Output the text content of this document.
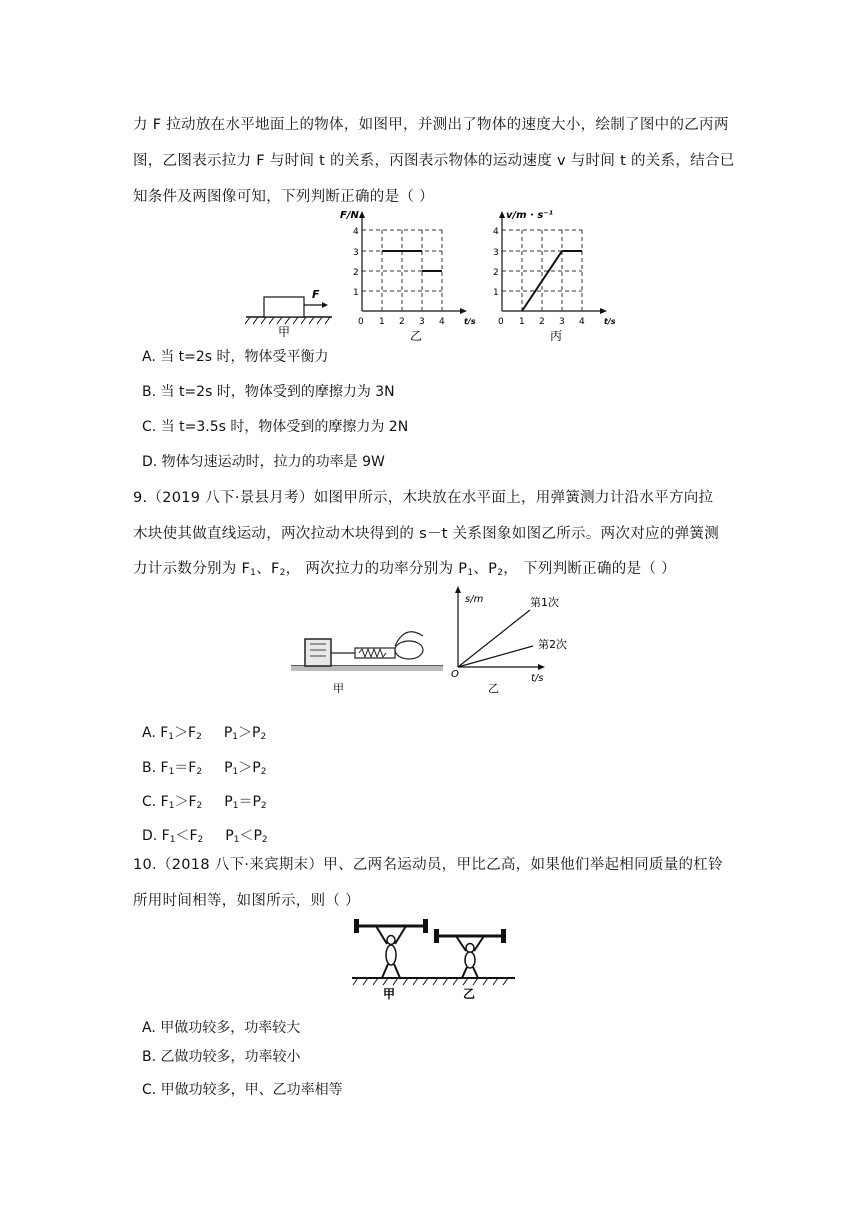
力 F 拉动放在水平地面上的物体，如图甲，并测出了物体的速度大小，绘制了图中的乙丙两
图，乙图表示拉力 F 与时间 t 的关系，丙图表示物体的运动速度 v 与时间 t 的关系，结合已
知条件及两图像可知，下列判断正确的是（ ）
F
甲
F/N
t/s
1
2
3
4
0 1 2 3 4
乙
v/m · s⁻¹
t/s
1
2
3
4
0 1 2 3 4
丙
A. 当 t=2s 时，物体受平衡力
B. 当 t=2s 时，物体受到的摩擦力为 3N
C. 当 t=3.5s 时，物体受到的摩擦力为 2N
D. 物体匀速运动时，拉力的功率是 9W
9.（2019 八下·景县月考）如图甲所示，木块放在水平面上，用弹簧测力计沿水平方向拉
木块使其做直线运动，两次拉动木块得到的 s－t 关系图象如图乙所示。两次对应的弹簧测
力计示数分别为 $F_1$、$F_2$， 两次拉力的功率分别为 $P_1$、$P_2$， 下列判断正确的是（ ）
甲
s/m
O	t/s
第1次
第2次
乙
A. $F_1>F_2$ $P_1>P_2$
B. $F_1=F_2$ $P_1>P_2$
C. $F_1>F_2$ $P_1=P_2$
D. $F_1<F_2$ $P_1<P_2$
10.（2018 八下·来宾期末）甲、乙两名运动员，甲比乙高，如果他们举起相同质量的杠铃
所用时间相等，如图所示，则（ ）
甲	乙
A. 甲做功较多，功率较大
B. 乙做功较多，功率较小
C. 甲做功较多，甲、乙功率相等
